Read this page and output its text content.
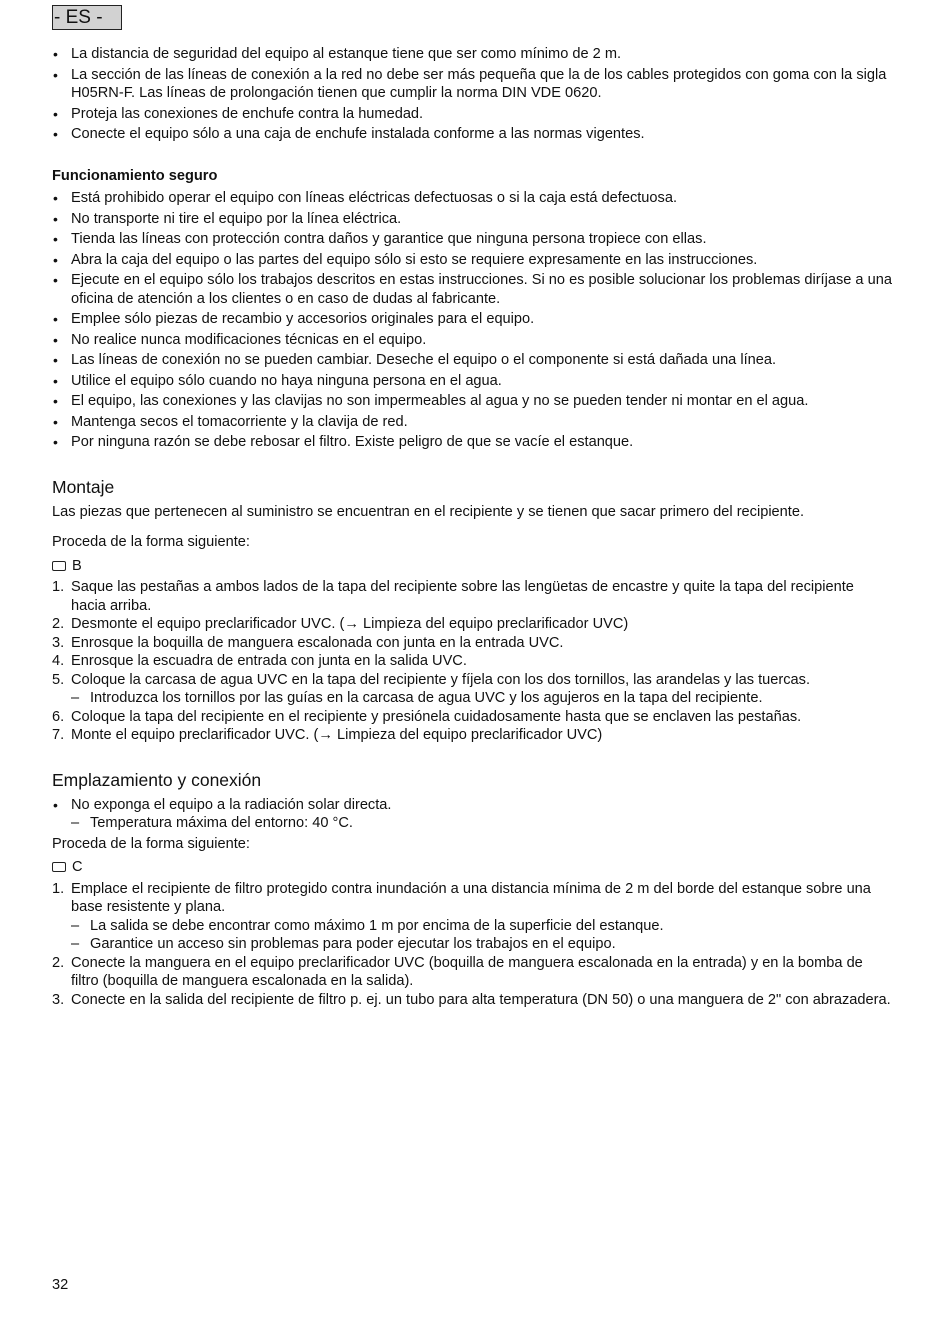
- ES -
• La distancia de seguridad del equipo al estanque tiene que ser como mínimo de 2 m.
• La sección de las líneas de conexión a la red no debe ser más pequeña que la de los cables protegidos con goma con la sigla H05RN-F. Las líneas de prolongación tienen que cumplir la norma DIN VDE 0620.
• Proteja las conexiones de enchufe contra la humedad.
• Conecte el equipo sólo a una caja de enchufe instalada conforme a las normas vigentes.
Funcionamiento seguro
• Está prohibido operar el equipo con líneas eléctricas defectuosas o si la caja está defectuosa.
• No transporte ni tire el equipo por la línea eléctrica.
• Tienda las líneas con protección contra daños y garantice que ninguna persona tropiece con ellas.
• Abra la caja del equipo o las partes del equipo sólo si esto se requiere expresamente en las instrucciones.
• Ejecute en el equipo sólo los trabajos descritos en estas instrucciones. Si no es posible solucionar los problemas diríjase a una oficina de atención a los clientes o en caso de dudas al fabricante.
• Emplee sólo piezas de recambio y accesorios originales para el equipo.
• No realice nunca modificaciones técnicas en el equipo.
• Las líneas de conexión no se pueden cambiar. Deseche el equipo o el componente si está dañada una línea.
• Utilice el equipo sólo cuando no haya ninguna persona en el agua.
• El equipo, las conexiones y las clavijas no son impermeables al agua y no se pueden tender ni montar en el agua.
• Mantenga secos el tomacorriente y la clavija de red.
• Por ninguna razón se debe rebosar el filtro. Existe peligro de que se vacíe el estanque.
Montaje

Las piezas que pertenecen al suministro se encuentran en el recipiente y se tienen que sacar primero del recipiente.

Proceda de la forma siguiente:

B
1. Saque las pestañas a ambos lados de la tapa del recipiente sobre las lengüetas de encastre y quite la tapa del recipiente hacia arriba.
2. Desmonte el equipo preclarificador UVC. (→ Limpieza del equipo preclarificador UVC)
3. Enrosque la boquilla de manguera escalonada con junta en la entrada UVC.
4. Enrosque la escuadra de entrada con junta en la salida UVC.
5. Coloque la carcasa de agua UVC en la tapa del recipiente y fíjela con los dos tornillos, las arandelas y las tuercas.
– Introduzca los tornillos por las guías en la carcasa de agua UVC y los agujeros en la tapa del recipiente.
6. Coloque la tapa del recipiente en el recipiente y presiónela cuidadosamente hasta que se enclaven las pestañas.
7. Monte el equipo preclarificador UVC. (→ Limpieza del equipo preclarificador UVC)
Emplazamiento y conexión
• No exponga el equipo a la radiación solar directa.
– Temperatura máxima del entorno: 40 °C.

Proceda de la forma siguiente:

C
1. Emplace el recipiente de filtro protegido contra inundación a una distancia mínima de 2 m del borde del estanque sobre una base resistente y plana.
– La salida se debe encontrar como máximo 1 m por encima de la superficie del estanque.
– Garantice un acceso sin problemas para poder ejecutar los trabajos en el equipo.
2. Conecte la manguera en el equipo preclarificador UVC (boquilla de manguera escalonada en la entrada) y en la bomba de filtro (boquilla de manguera escalonada en la salida).
3. Conecte en la salida del recipiente de filtro p. ej. un tubo para alta temperatura (DN 50) o una manguera de 2" con abrazadera.
32
